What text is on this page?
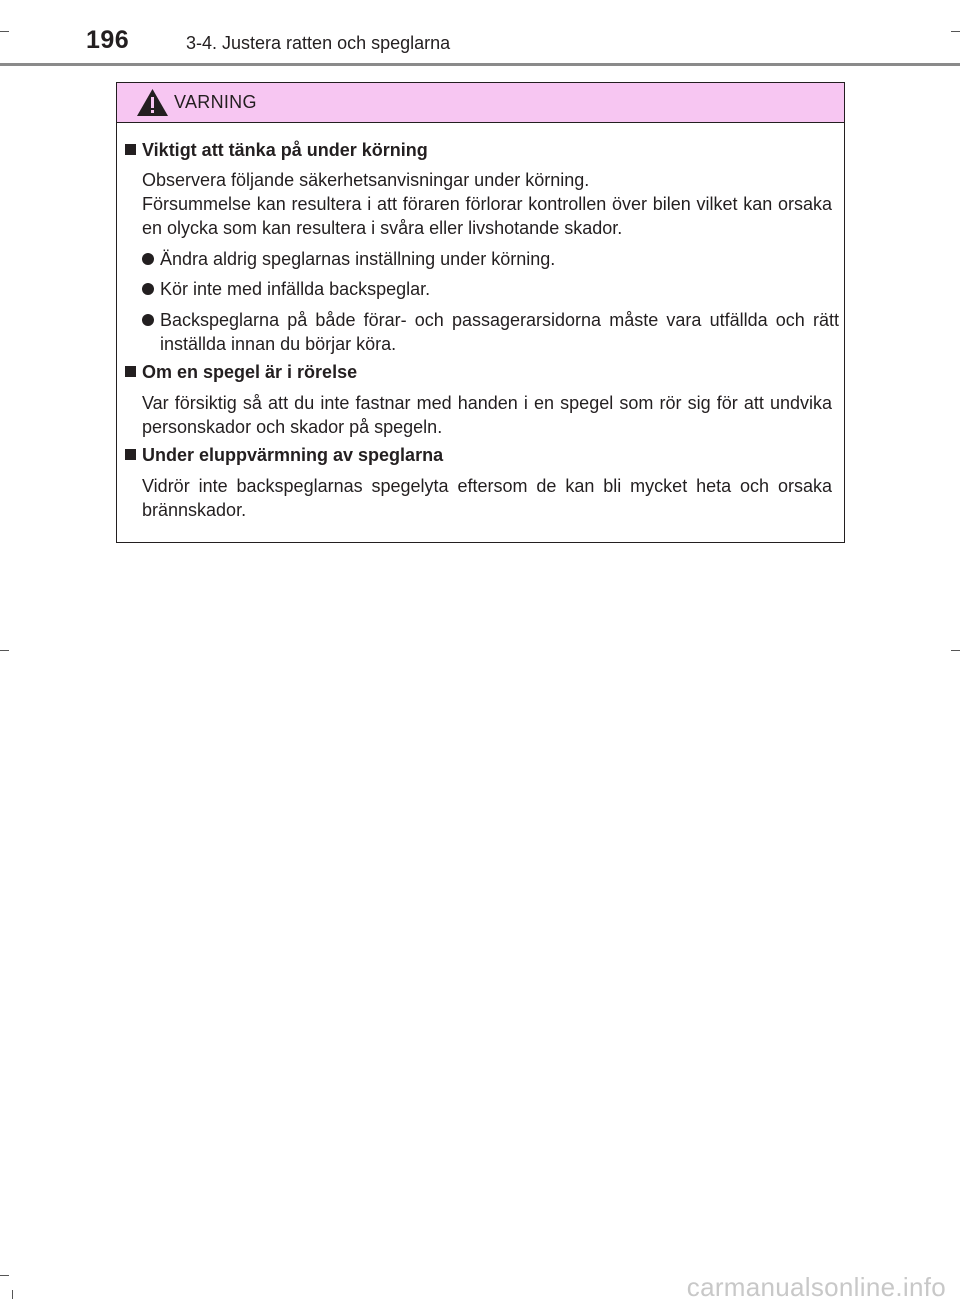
196	3-4. Justera ratten och speglarna
VARNING
Viktigt att tänka på under körning
Observera följande säkerhetsanvisningar under körning.
Försummelse kan resultera i att föraren förlorar kontrollen över bilen vilket kan orsaka en olycka som kan resultera i svåra eller livshotande skador.
Ändra aldrig speglarnas inställning under körning.
Kör inte med infällda backspeglar.
Backspeglarna på både förar- och passagerarsidorna måste vara utfällda och rätt inställda innan du börjar köra.
Om en spegel är i rörelse
Var försiktig så att du inte fastnar med handen i en spegel som rör sig för att undvika personskador och skador på spegeln.
Under eluppvärmning av speglarna
Vidrör inte backspeglarnas spegelyta eftersom de kan bli mycket heta och orsaka brännskador.
carmanualsonline.info
